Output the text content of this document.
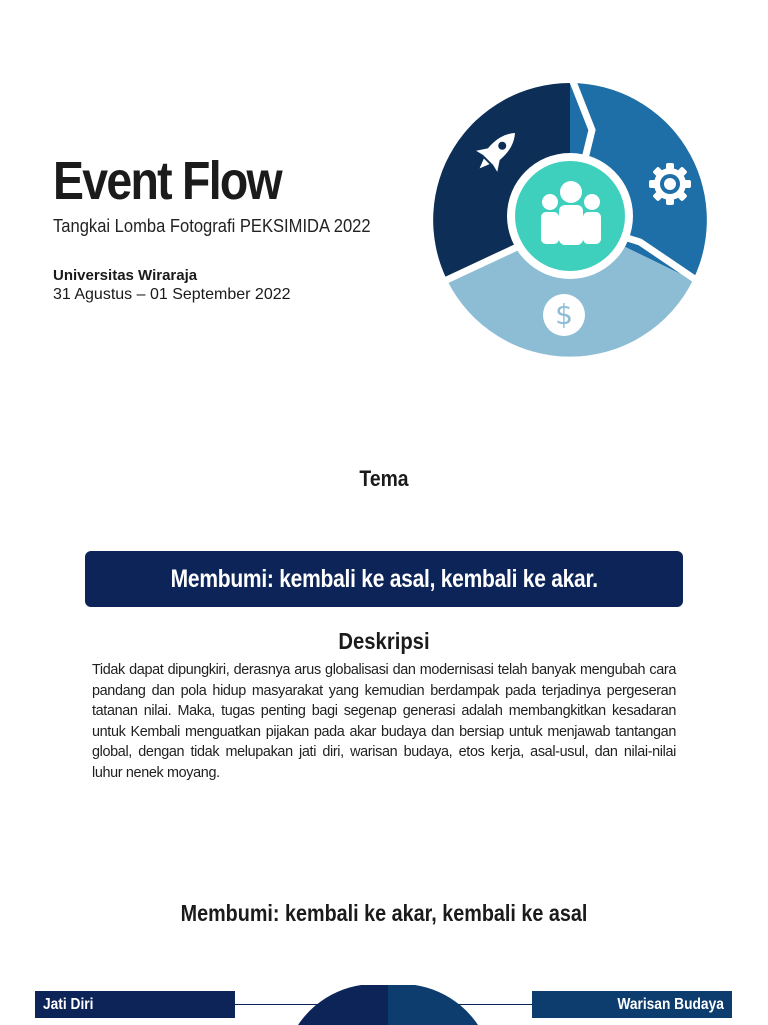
Event Flow
Tangkai Lomba Fotografi PEKSIMIDA 2022
Universitas Wiraraja
31 Agustus – 01 September 2022
$
Tema
Membumi: kembali ke asal, kembali ke akar.
Deskripsi
Tidak dapat dipungkiri, derasnya arus globalisasi dan modernisasi telah banyak mengubah cara pandang dan pola hidup masyarakat yang kemudian berdampak pada terjadinya pergeseran tatanan nilai. Maka, tugas penting bagi segenap generasi adalah membangkitkan kesadaran untuk Kembali menguatkan pijakan pada akar budaya dan bersiap untuk menjawab tantangan global, dengan tidak melupakan jati diri, warisan budaya, etos kerja, asal-usul, dan nilai-nilai luhur nenek moyang.
Membumi: kembali ke akar, kembali ke asal
Jati Diri	Warisan Budaya
